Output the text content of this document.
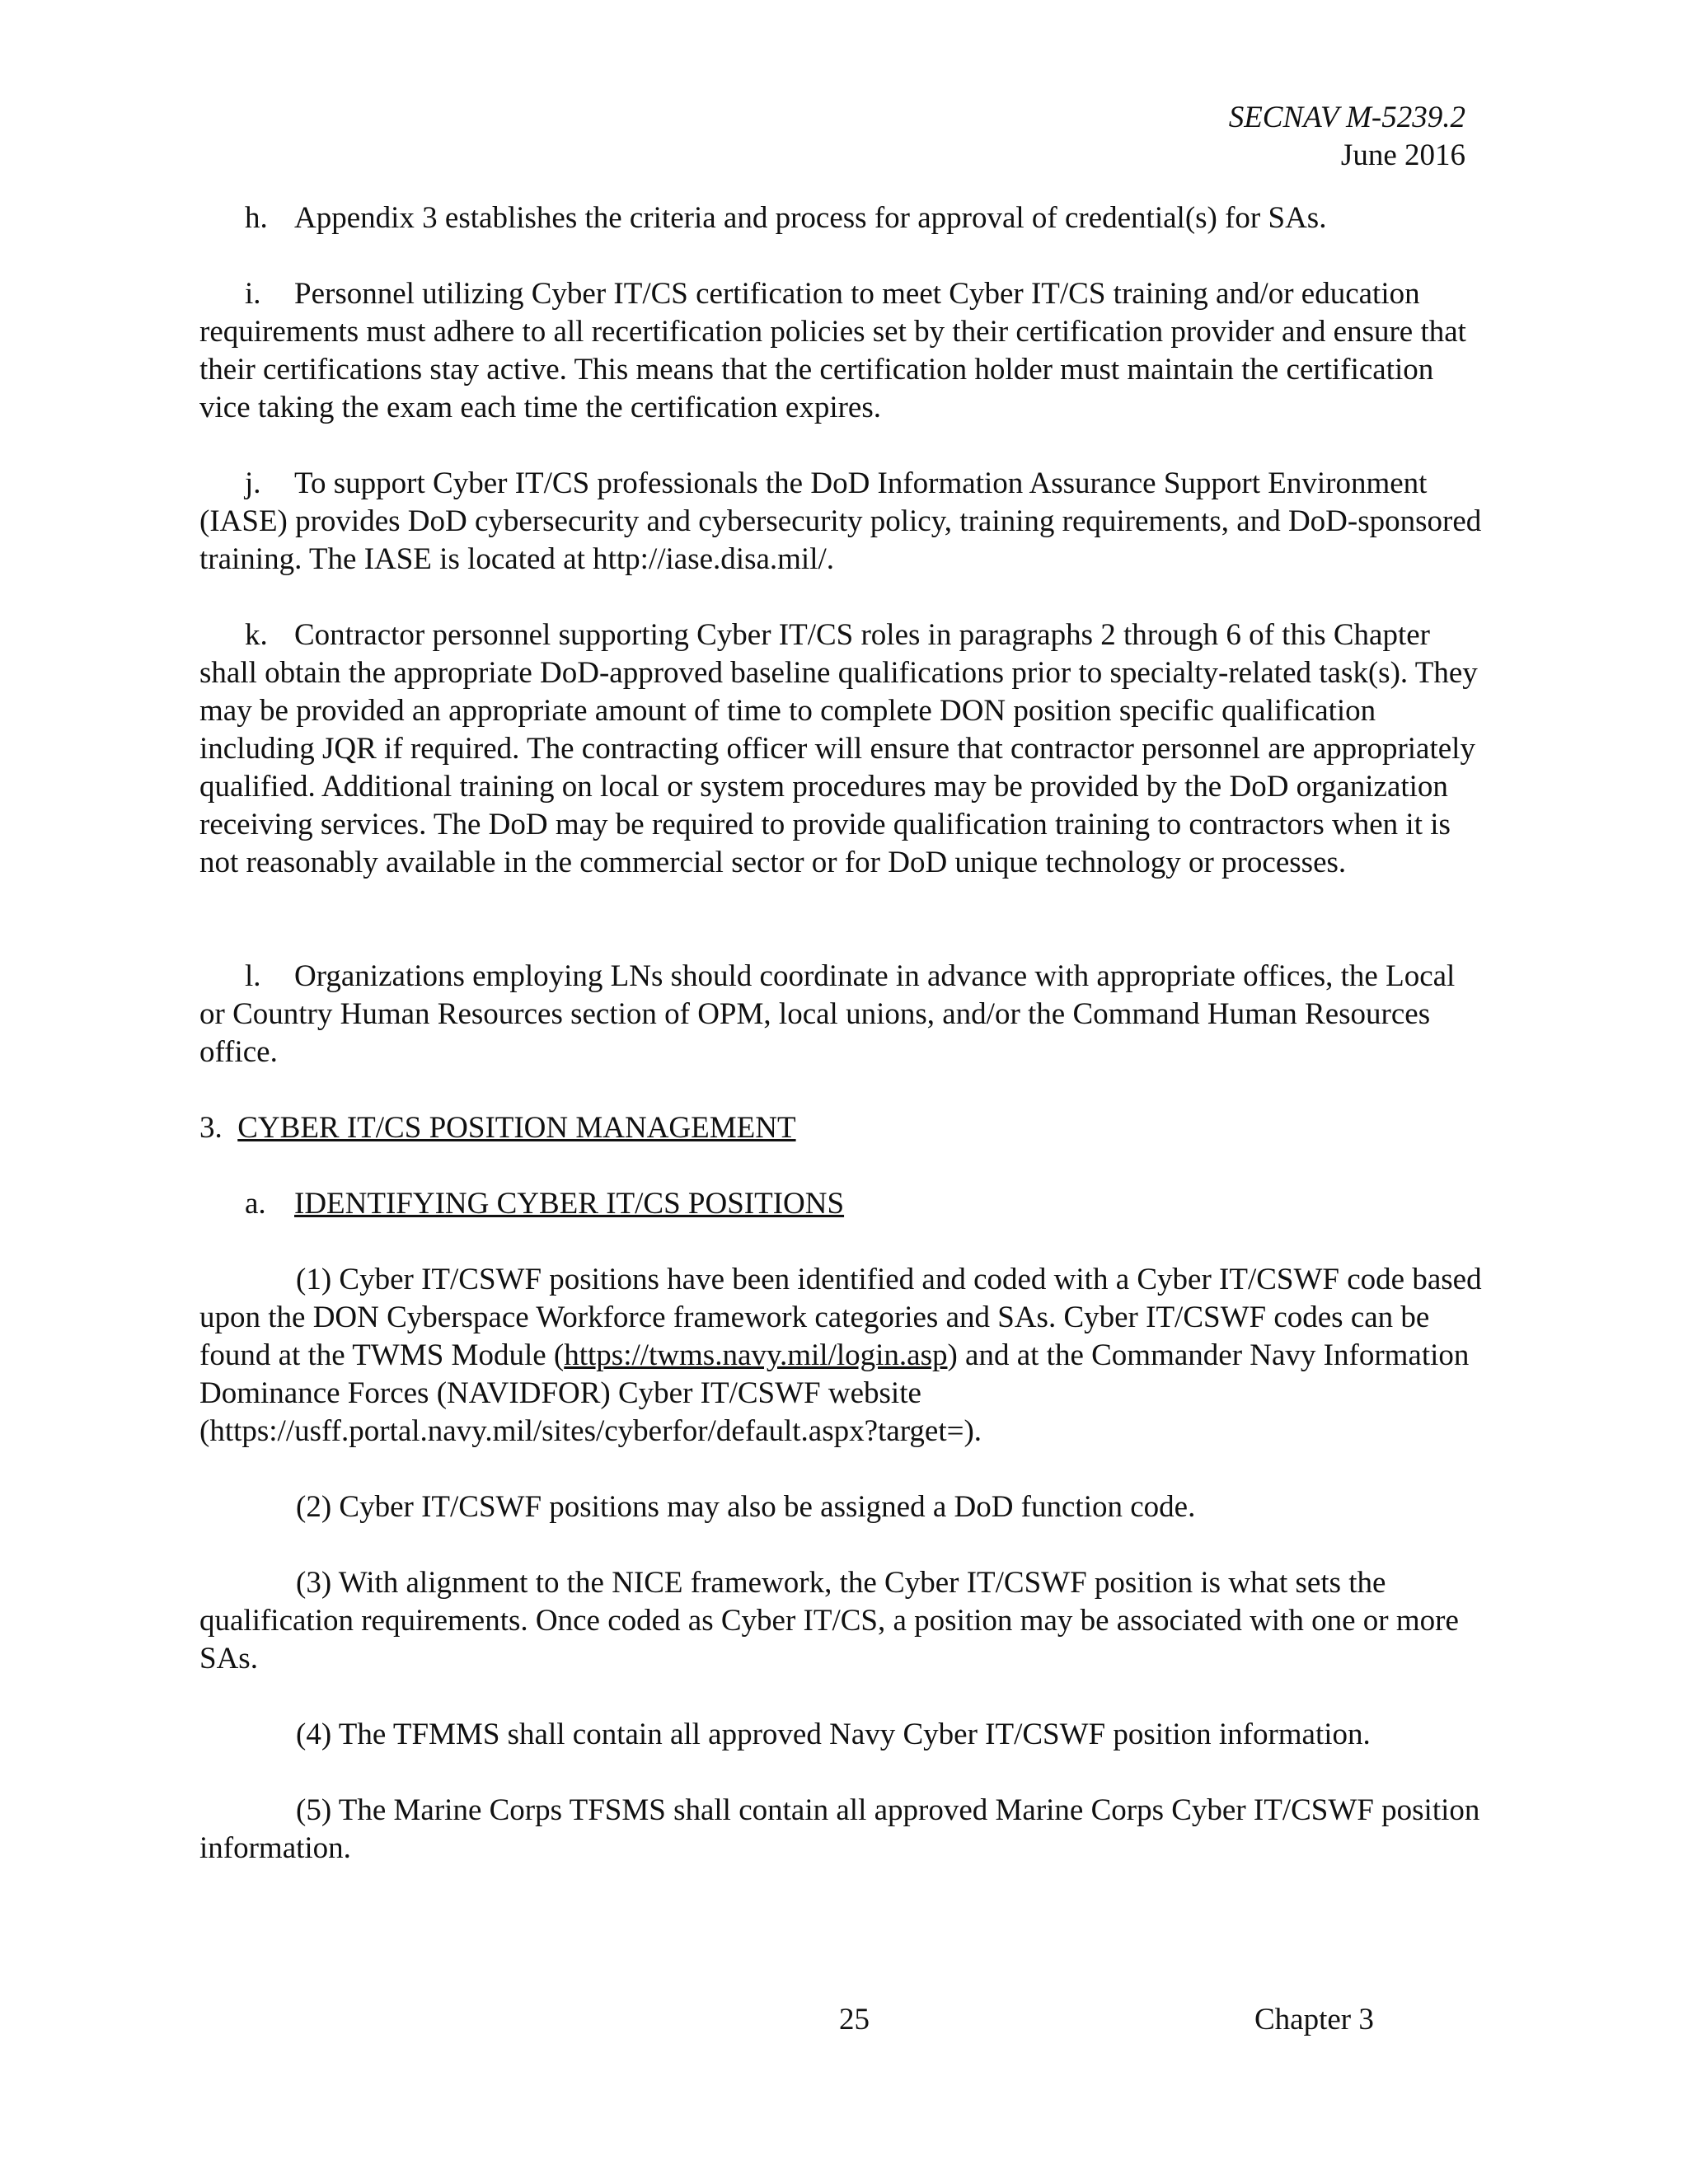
SECNAV M-5239.2
June 2016

h. Appendix 3 establishes the criteria and process for approval of credential(s) for SAs.

i. Personnel utilizing Cyber IT/CS certification to meet Cyber IT/CS training and/or education requirements must adhere to all recertification policies set by their certification provider and ensure that their certifications stay active. This means that the certification holder must maintain the certification vice taking the exam each time the certification expires.

j. To support Cyber IT/CS professionals the DoD Information Assurance Support Environment (IASE) provides DoD cybersecurity and cybersecurity policy, training requirements, and DoD-sponsored training. The IASE is located at http://iase.disa.mil/.

k. Contractor personnel supporting Cyber IT/CS roles in paragraphs 2 through 6 of this Chapter shall obtain the appropriate DoD-approved baseline qualifications prior to specialty-related task(s). They may be provided an appropriate amount of time to complete DON position specific qualification including JQR if required. The contracting officer will ensure that contractor personnel are appropriately qualified. Additional training on local or system procedures may be provided by the DoD organization receiving services. The DoD may be required to provide qualification training to contractors when it is not reasonably available in the commercial sector or for DoD unique technology or processes.

l. Organizations employing LNs should coordinate in advance with appropriate offices, the Local or Country Human Resources section of OPM, local unions, and/or the Command Human Resources office.

3. CYBER IT/CS POSITION MANAGEMENT

a. IDENTIFYING CYBER IT/CS POSITIONS

(1) Cyber IT/CSWF positions have been identified and coded with a Cyber IT/CSWF code based upon the DON Cyberspace Workforce framework categories and SAs. Cyber IT/CSWF codes can be found at the TWMS Module (https://twms.navy.mil/login.asp) and at the Commander Navy Information Dominance Forces (NAVIDFOR) Cyber IT/CSWF website (https://usff.portal.navy.mil/sites/cyberfor/default.aspx?target=).

(2) Cyber IT/CSWF positions may also be assigned a DoD function code.

(3) With alignment to the NICE framework, the Cyber IT/CSWF position is what sets the qualification requirements. Once coded as Cyber IT/CS, a position may be associated with one or more SAs.

(4) The TFMMS shall contain all approved Navy Cyber IT/CSWF position information.

(5) The Marine Corps TFSMS shall contain all approved Marine Corps Cyber IT/CSWF position information.

25	Chapter 3
